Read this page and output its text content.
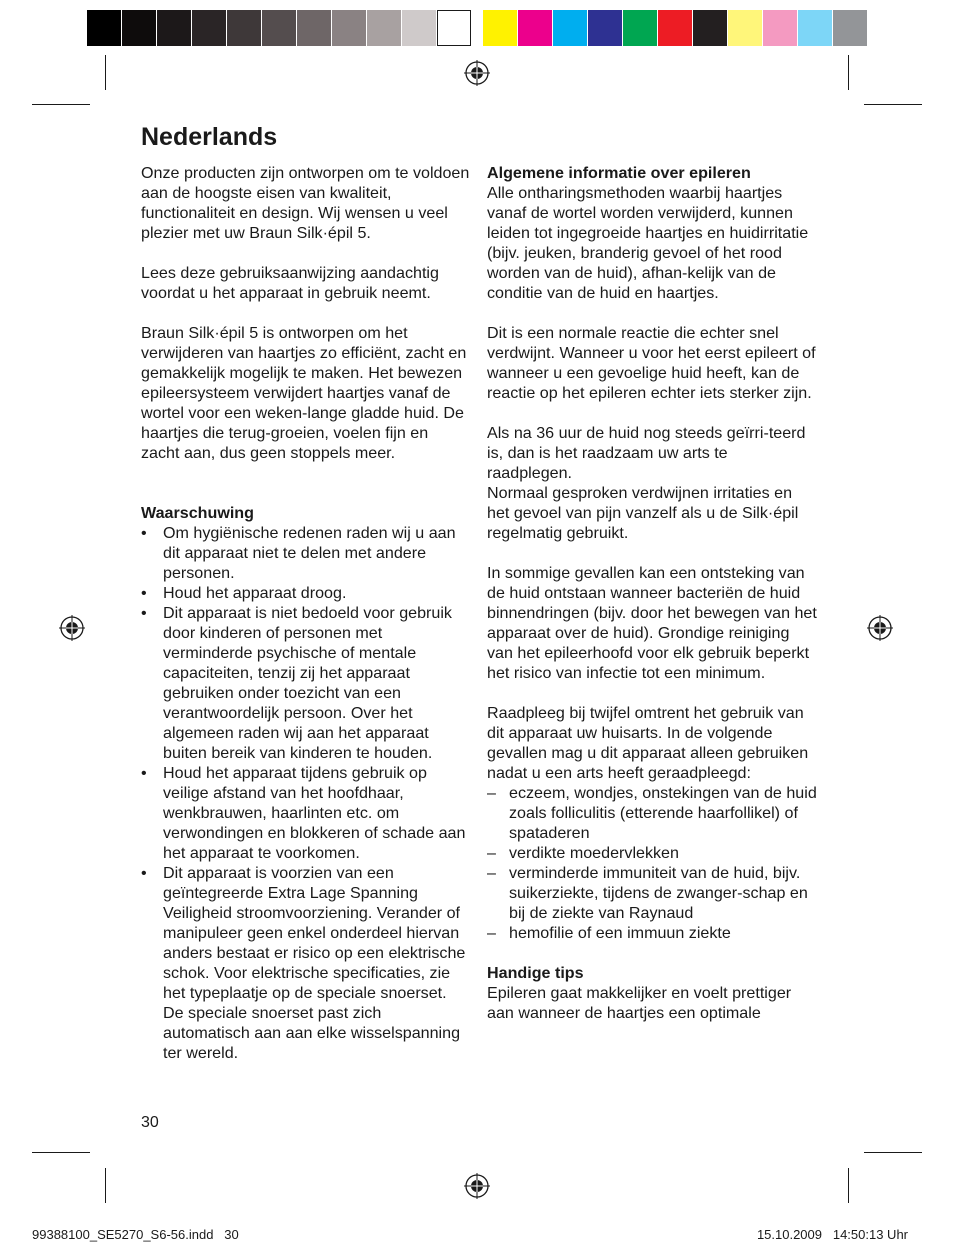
Nederlands

Onze producten zijn ontworpen om te voldoen aan de hoogste eisen van kwaliteit, functionaliteit en design. Wij wensen u veel plezier met uw Braun Silk·épil 5.

Lees deze gebruiksaanwijzing aandachtig voordat u het apparaat in gebruik neemt.

Braun Silk·épil 5 is ontworpen om het verwijderen van haartjes zo efficiënt, zacht en gemakkelijk mogelijk te maken. Het bewezen epileersysteem verwijdert haartjes vanaf de wortel voor een weken-lange gladde huid. De haartjes die terug-groeien, voelen fijn en zacht aan, dus geen stoppels meer.

Waarschuwing
• Om hygiënische redenen raden wij u aan dit apparaat niet te delen met andere personen.
• Houd het apparaat droog.
• Dit apparaat is niet bedoeld voor gebruik door kinderen of personen met verminderde psychische of mentale capaciteiten, tenzij zij het apparaat gebruiken onder toezicht van een verantwoordelijk persoon. Over het algemeen raden wij aan het apparaat buiten bereik van kinderen te houden.
• Houd het apparaat tijdens gebruik op veilige afstand van het hoofdhaar, wenkbrauwen, haarlinten etc. om verwondingen en blokkeren of schade aan het apparaat te voorkomen.
• Dit apparaat is voorzien van een geïntegreerde Extra Lage Spanning Veiligheid stroomvoorziening. Verander of manipuleer geen enkel onderdeel hiervan anders bestaat er risico op een elektrische schok. Voor elektrische specificaties, zie het typeplaatje op de speciale snoerset. De speciale snoerset past zich automatisch aan aan elke wisselspanning ter wereld.
Algemene informatie over epileren

Alle ontharingsmethoden waarbij haartjes vanaf de wortel worden verwijderd, kunnen leiden tot ingegroeide haartjes en huidirritatie (bijv. jeuken, branderig gevoel of het rood worden van de huid), afhan-kelijk van de conditie van de huid en haartjes.

Dit is een normale reactie die echter snel verdwijnt. Wanneer u voor het eerst epileert of wanneer u een gevoelige huid heeft, kan de reactie op het epileren echter iets sterker zijn.

Als na 36 uur de huid nog steeds geïrri-teerd is, dan is het raadzaam uw arts te raadplegen.

Normaal gesproken verdwijnen irritaties en het gevoel van pijn vanzelf als u de Silk·épil regelmatig gebruikt.

In sommige gevallen kan een ontsteking van de huid ontstaan wanneer bacteriën de huid binnendringen (bijv. door het bewegen van het apparaat over de huid). Grondige reiniging van het epileerhoofd voor elk gebruik beperkt het risico van infectie tot een minimum.

Raadpleeg bij twijfel omtrent het gebruik van dit apparaat uw huisarts. In de volgende gevallen mag u dit apparaat alleen gebruiken nadat u een arts heeft geraadpleegd:

– eczeem, wondjes, onstekingen van de huid zoals folliculitis (etterende haarfollikel) of spataderen
– verdikte moedervlekken
– verminderde immuniteit van de huid, bijv. suikerziekte, tijdens de zwanger-schap en bij de ziekte van Raynaud
– hemofilie of een immuun ziekte
Handige tips

Epileren gaat makkelijker en voelt prettiger aan wanneer de haartjes een optimale

30
99388100_SE5270_S6-56.indd   30	15.10.2009   14:50:13 Uhr
